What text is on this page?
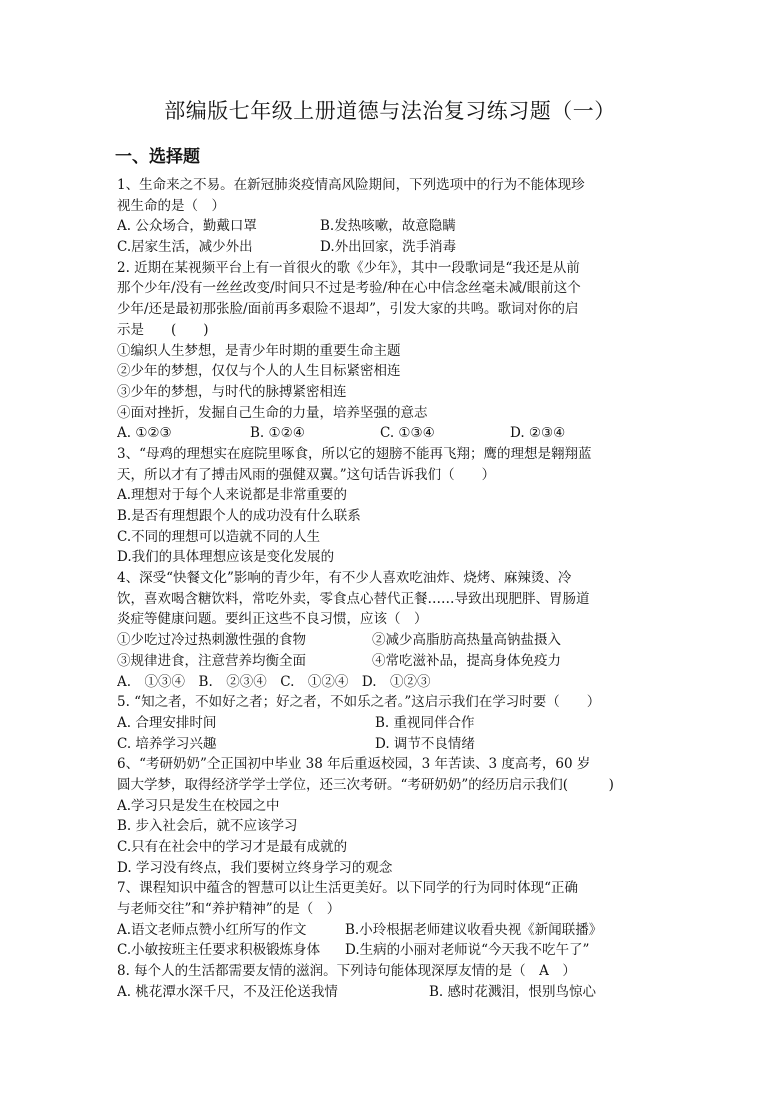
部编版七年级上册道德与法治复习练习题（一）
一、选择题
1、生命来之不易。在新冠肺炎疫情高风险期间，下列选项中的行为不能体现珍
视生命的是（　）
A. 公众场合，勤戴口罩	B.发热咳嗽，故意隐瞒
C.居家生活，减少外出	D.外出回家，洗手消毒
2. 近期在某视频平台上有一首很火的歌《少年》，其中一段歌词是“我还是从前
那个少年/没有一丝丝改变/时间只不过是考验/种在心中信念丝毫未减/眼前这个
少年/还是最初那张脸/面前再多艰险不退却”，引发大家的共鸣。歌词对你的启
示是　　(　　)
①编织人生梦想，是青少年时期的重要生命主题
②少年的梦想，仅仅与个人的人生目标紧密相连
③少年的梦想，与时代的脉搏紧密相连
④面对挫折，发掘自己生命的力量，培养坚强的意志
A. ①②③	B. ①②④	C. ①③④	D. ②③④
3、“母鸡的理想实在庭院里啄食，所以它的翅膀不能再飞翔；鹰的理想是翱翔蓝
天，所以才有了搏击风雨的强健双翼。”这句话告诉我们（　　）
A.理想对于每个人来说都是非常重要的
B.是否有理想跟个人的成功没有什么联系
C.不同的理想可以造就不同的人生
D.我们的具体理想应该是变化发展的
4、深受“快餐文化”影响的青少年，有不少人喜欢吃油炸、烧烤、麻辣烫、冷
饮，喜欢喝含糖饮料，常吃外卖，零食点心替代正餐……导致出现肥胖、胃肠道
炎症等健康问题。要纠正这些不良习惯，应该（　）
①少吃过冷过热刺激性强的食物	②减少高脂肪高热量高钠盐摄入
③规律进食，注意营养均衡全面	④常吃滋补品，提高身体免疫力
A.　①③④　B.　②③④　C.　①②④　D.　①②③
5. “知之者，不如好之者；好之者，不如乐之者。”这启示我们在学习时要（　　）
A. 合理安排时间	B. 重视同伴合作
C. 培养学习兴趣	D. 调节不良情绪
6、“考研奶奶”仝正国初中毕业 38 年后重返校园，3 年苦读、3 度高考，60 岁
圆大学梦，取得经济学学士学位，还三次考研。“考研奶奶”的经历启示我们(　　　)
A.学习只是发生在校园之中
B. 步入社会后，就不应该学习
C.只有在社会中的学习才是最有成就的
D. 学习没有终点，我们要树立终身学习的观念
7、课程知识中蕴含的智慧可以让生活更美好。以下同学的行为同时体现“正确
与老师交往”和“养护精神”的是（　）
A.语文老师点赞小红所写的作文	B.小玲根据老师建议收看央视《新闻联播》
C.小敏按班主任要求积极锻炼身体 D.生病的小丽对老师说“今天我不吃午了”
8. 每个人的生活都需要友情的滋润。下列诗句能体现深厚友情的是（　A　）
A. 桃花潭水深千尺，不及汪伦送我情	B. 感时花溅泪，恨别鸟惊心
